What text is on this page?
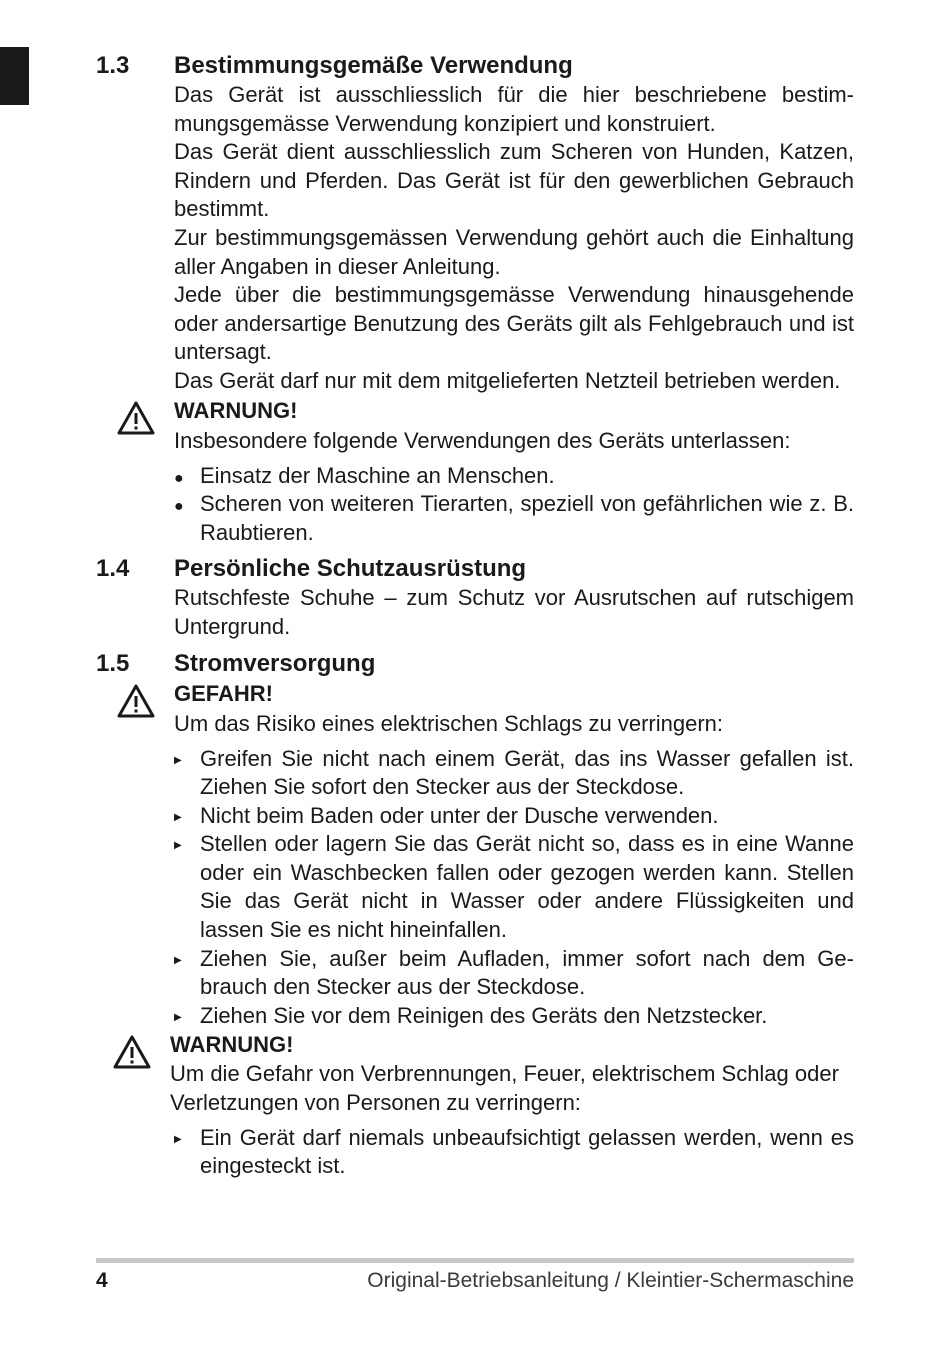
1.3	Bestimmungsgemäße Verwendung
Das Gerät ist ausschliesslich für die hier beschriebene bestimmungsgemässe Verwendung konzipiert und konstruiert.
Das Gerät dient ausschliesslich zum Scheren von Hunden, Katzen, Rindern und Pferden. Das Gerät ist für den gewerblichen Gebrauch bestimmt.
Zur bestimmungsgemässen Verwendung gehört auch die Einhaltung aller Angaben in dieser Anleitung.
Jede über die bestimmungsgemässe Verwendung hinausgehende oder andersartige Benutzung des Geräts gilt als Fehlgebrauch und ist untersagt.
Das Gerät darf nur mit dem mitgelieferten Netzteil betrieben werden.
WARNUNG!
Insbesondere folgende Verwendungen des Geräts unterlassen:
●
Einsatz der Maschine an Menschen.
●
Scheren von weiteren Tierarten, speziell von gefährlichen wie z. B. Raubtieren.
1.4	Persönliche Schutzausrüstung
Rutschfeste Schuhe – zum Schutz vor Ausrutschen auf rutschigem Untergrund.
1.5	Stromversorgung
GEFAHR!
Um das Risiko eines elektrischen Schlags zu verringern:
▶
Greifen Sie nicht nach einem Gerät, das ins Wasser gefallen ist. Ziehen Sie sofort den Stecker aus der Steckdose.
▶
Nicht beim Baden oder unter der Dusche verwenden.
▶
Stellen oder lagern Sie das Gerät nicht so, dass es in eine Wanne oder ein Waschbecken fallen oder gezogen werden kann. Stellen Sie das Gerät nicht in Wasser oder andere Flüssigkeiten und lassen Sie es nicht hineinfallen.
▶
Ziehen Sie, außer beim Aufladen, immer sofort nach dem Gebrauch den Stecker aus der Steckdose.
▶
Ziehen Sie vor dem Reinigen des Geräts den Netzstecker.
WARNUNG!
Um die Gefahr von Verbrennungen, Feuer, elektrischem Schlag oder Verletzungen von Personen zu verringern:
▶
Ein Gerät darf niemals unbeaufsichtigt gelassen werden, wenn es eingesteckt ist.
4	Original-Betriebsanleitung / Kleintier-Schermaschine
